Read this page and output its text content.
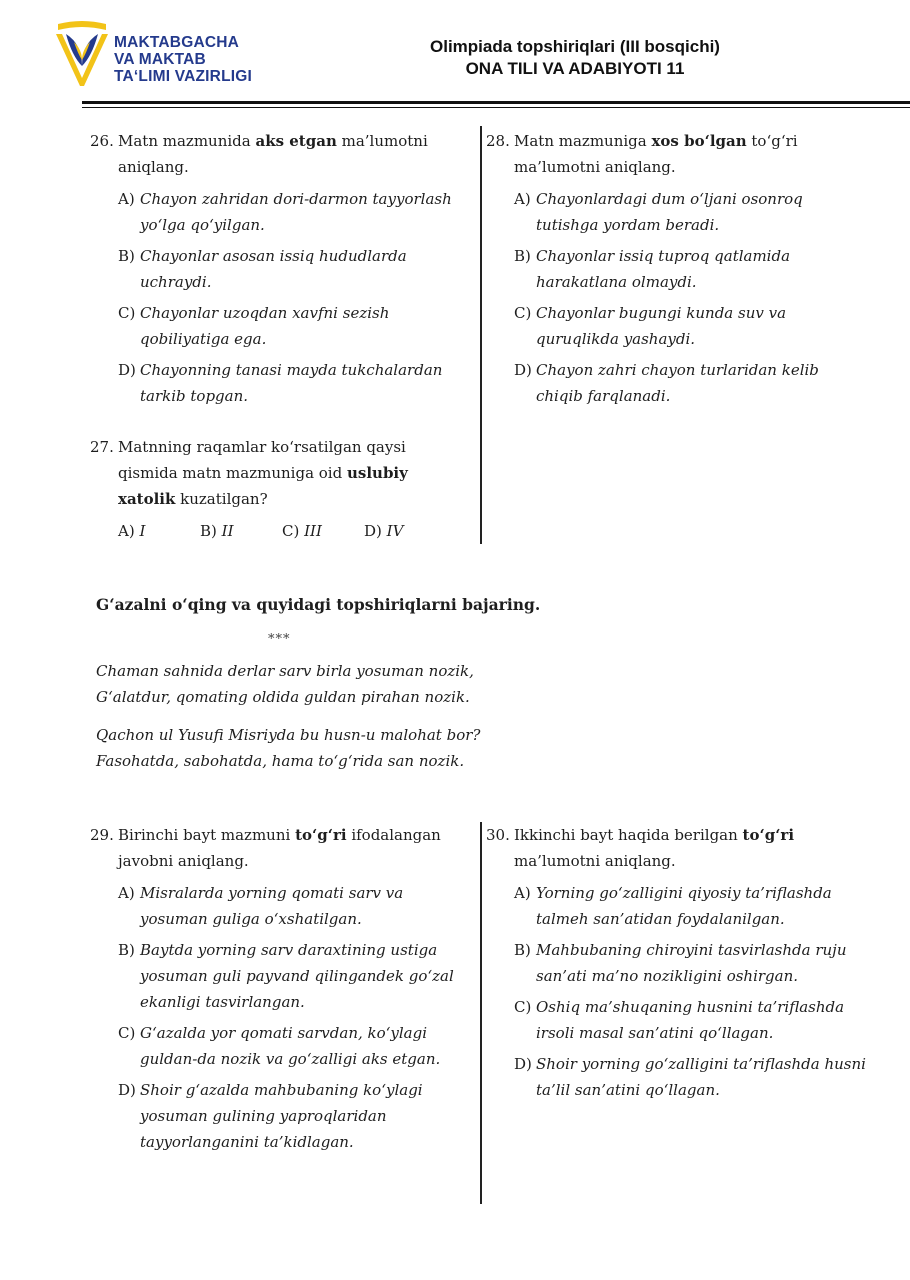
MAKTABGACHA
VA MAKTAB
TA‘LIMI VAZIRLIGI
Olimpiada topshiriqlari (III bosqichi)
ONA TILI VA ADABIYOTI 11
26. Matn mazmunida aks etgan ma’lumotni aniqlang.
A) Chayon zahridan dori-darmon tayyorlash yo‘lga qo‘yilgan.
B) Chayonlar asosan issiq hududlarda uchraydi.
C) Chayonlar uzoqdan xavfni sezish qobiliyatiga ega.
D) Chayonning tanasi mayda tukchalardan tarkib topgan.
27. Matnning raqamlar ko‘rsatilgan qaysi qismida matn mazmuniga oid uslubiy xatolik kuzatilgan?
A) I	B) II	C) III	D) IV
28. Matn mazmuniga xos bo‘lgan to‘g‘ri ma’lumotni aniqlang.
A) Chayonlardagi dum o‘ljani osonroq tutishga yordam beradi.
B) Chayonlar issiq tuproq qatlamida harakatlana olmaydi.
C) Chayonlar bugungi kunda suv va quruqlikda yashaydi.
D) Chayon zahri chayon turlaridan kelib chiqib farqlanadi.
G‘azalni o‘qing va quyidagi topshiriqlarni bajaring.
***
Chaman sahnida derlar sarv birla yosuman nozik,
G‘alatdur, qomating oldida guldan pirahan nozik.
Qachon ul Yusufi Misriyda bu husn-u malohat bor?
Fasohatda, sabohatda, hama to‘g‘rida san nozik.
29. Birinchi bayt mazmuni to‘g‘ri ifodalangan javobni aniqlang.
A) Misralarda yorning qomati sarv va yosuman guliga o‘xshatilgan.
B) Baytda yorning sarv daraxtining ustiga yosuman guli payvand qilingandek go‘zal ekanligi tasvirlangan.
C) G‘azalda yor qomati sarvdan, ko‘ylagi guldan-da nozik va go‘zalligi aks etgan.
D) Shoir g‘azalda mahbubaning ko‘ylagi yosuman gulining yaproqlaridan tayyorlanganini ta’kidlagan.
30. Ikkinchi bayt haqida berilgan to‘g‘ri ma’lumotni aniqlang.
A) Yorning go‘zalligini qiyosiy ta’riflashda talmeh san’atidan foydalanilgan.
B) Mahbubaning chiroyini tasvirlashda ruju san’ati ma’no nozikligini oshirgan.
C) Oshiq ma’shuqaning husnini ta’riflashda irsoli masal san’atini qo‘llagan.
D) Shoir yorning go‘zalligini ta’riflashda husni ta’lil san’atini qo‘llagan.
